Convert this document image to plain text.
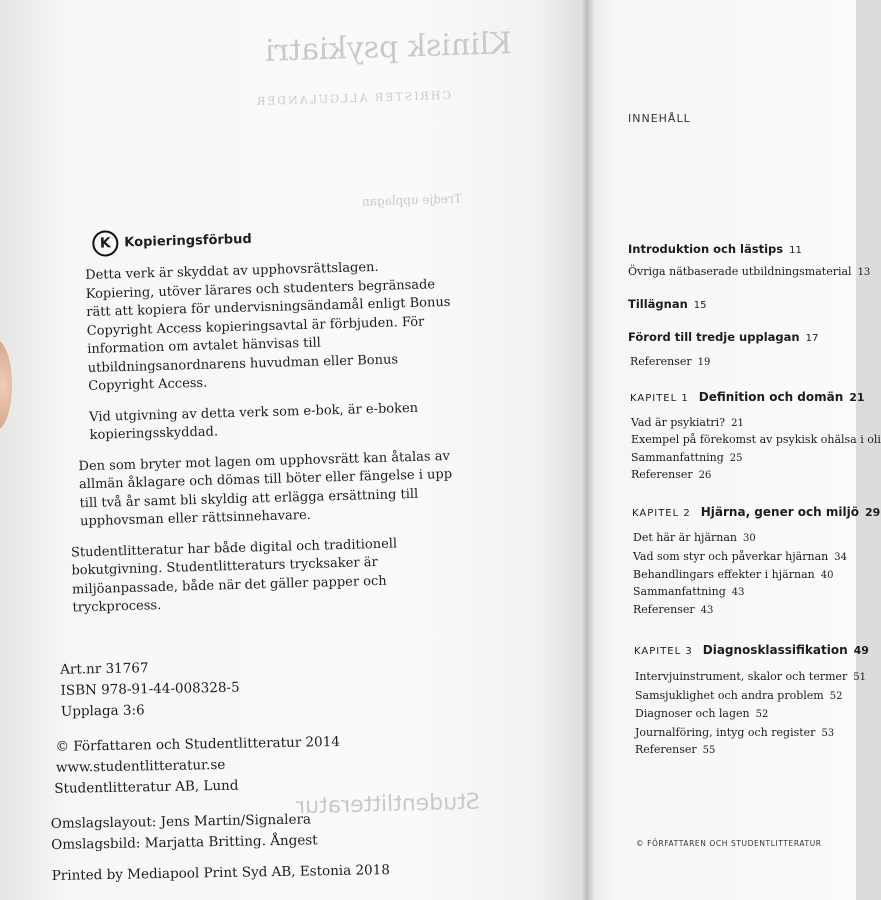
Klinisk psykiatri
CHRISTER ALLGULANDER
Tredje upplagan
Studentlitteratur
K Kopieringsförbud

Detta verk är skyddat av upphovsrättslagen. Kopiering, utöver lärares och studenters begränsade rätt att kopiera för undervisningsändamål enligt Bonus Copyright Access kopieringsavtal är förbjuden. För information om avtalet hänvisas till utbildningsanordnarens huvudman eller Bonus Copyright Access.

Vid utgivning av detta verk som e-bok, är e-boken kopieringsskyddad.

Den som bryter mot lagen om upphovsrätt kan åtalas av allmän åklagare och dömas till böter eller fängelse i upp till två år samt bli skyldig att erlägga ersättning till upphovsman eller rättsinnehavare.

Studentlitteratur har både digital och traditionell bokutgivning. Studentlitteraturs trycksaker är miljöanpassade, både när det gäller papper och tryckprocess.

Art.nr 31767
ISBN 978-91-44-008328-5
Upplaga 3:6
© Författaren och Studentlitteratur 2014
www.studentlitteratur.se
Studentlitteratur AB, Lund
Omslagslayout: Jens Martin/Signalera
Omslagsbild: Marjatta Britting. Ångest
Printed by Mediapool Print Syd AB, Estonia 2018
INNEHÅLL
Introduktion och lästips 11
Övriga nätbaserade utbildningsmaterial 13
Tillägnan 15
Förord till tredje upplagan 17
Referenser 19
KAPITEL 1 Definition och domän 21
Vad är psykiatri? 21
Exempel på förekomst av psykisk ohälsa i oli
Sammanfattning 25
Referenser 26
KAPITEL 2 Hjärna, gener och miljö 29
Det här är hjärnan 30
Vad som styr och påverkar hjärnan 34
Behandlingars effekter i hjärnan 40
Sammanfattning 43
Referenser 43
KAPITEL 3 Diagnosklassifikation 49
Intervjuinstrument, skalor och termer 51
Samsjuklighet och andra problem 52
Diagnoser och lagen 52
Journalföring, intyg och register 53
Referenser 55
© FÖRFATTAREN OCH STUDENTLITTERATUR
